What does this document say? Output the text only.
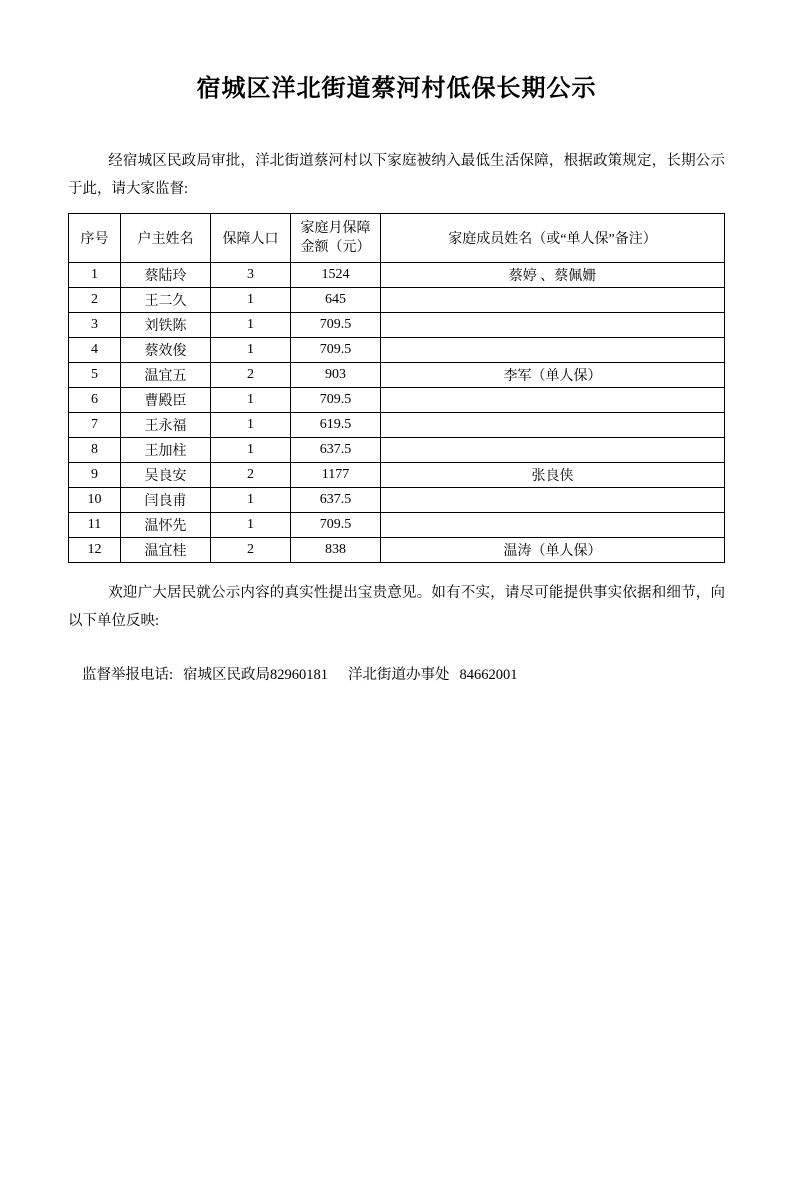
宿城区洋北街道蔡河村低保长期公示

经宿城区民政局审批，洋北街道蔡河村以下家庭被纳入最低生活保障，根据政策规定，长期公示于此，请大家监督:

序号	户主姓名	保障人口	家庭月保障
金额（元）	家庭成员姓名（或“单人保”备注）
1	蔡陆玲	3	1524	蔡婷 、蔡佩姗
2	王二久	1	645	
3	刘铁陈	1	709.5	
4	蔡效俊	1	709.5	
5	温宜五	2	903	李军（单人保）
6	曹殿臣	1	709.5	
7	王永福	1	619.5	
8	王加柱	1	637.5	
9	吴良安	2	1177	张良侠
10	闫良甫	1	637.5	
11	温怀先	1	709.5	
12	温宜桂	2	838	温涛（单人保）

欢迎广大居民就公示内容的真实性提出宝贵意见。如有不实，请尽可能提供事实依据和细节，向以下单位反映:

监督举报电话: 宿城区民政局82960181 洋北街道办事处 84662001
